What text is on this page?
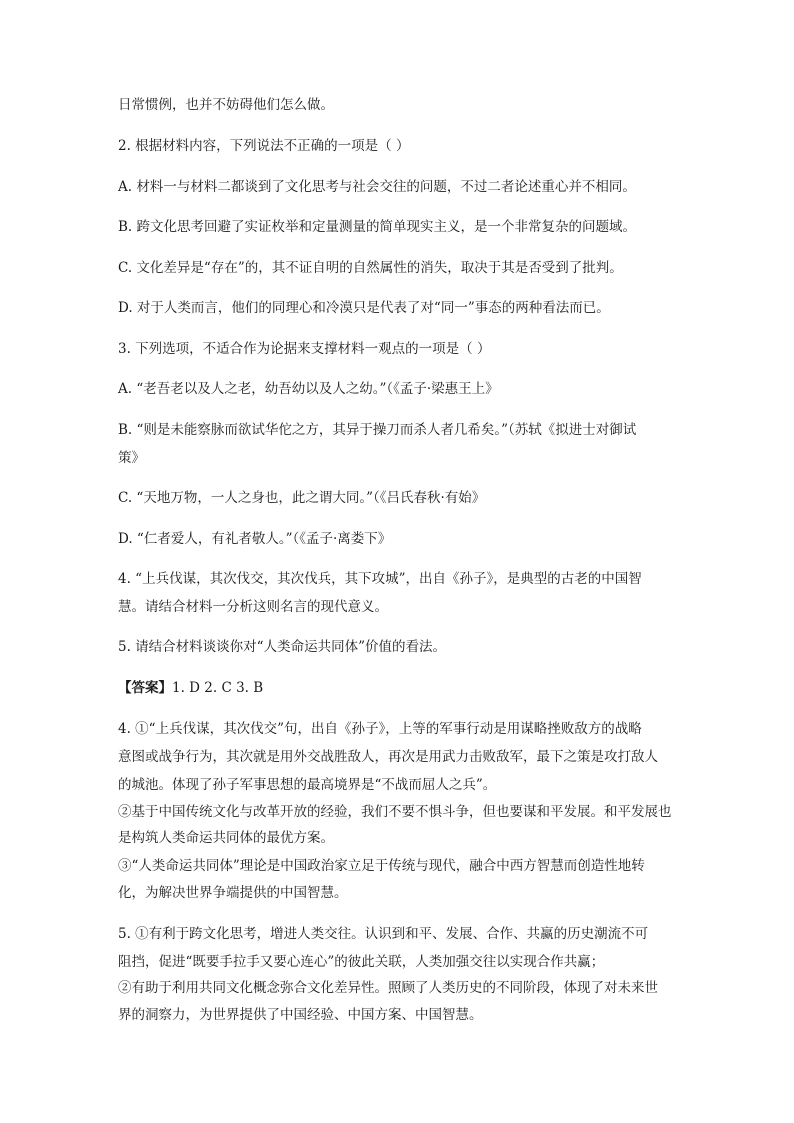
日常惯例，也并不妨碍他们怎么做。
2. 根据材料内容，下列说法不正确的一项是（ ）
A. 材料一与材料二都谈到了文化思考与社会交往的问题，不过二者论述重心并不相同。
B. 跨文化思考回避了实证枚举和定量测量的简单现实主义，是一个非常复杂的问题域。
C. 文化差异是“存在”的，其不证自明的自然属性的消失，取决于其是否受到了批判。
D. 对于人类而言，他们的同理心和冷漠只是代表了对“同一”事态的两种看法而已。
3. 下列选项，不适合作为论据来支撑材料一观点的一项是（ ）
A. “老吾老以及人之老，幼吾幼以及人之幼。”（《孟子·梁惠王上》
B. “则是未能察脉而欲试华佗之方，其异于操刀而杀人者几希矣。”（苏轼《拟进士对御试
策》
C. “天地万物，一人之身也，此之谓大同。”（《吕氏春秋·有始》
D. “仁者爱人，有礼者敬人。”（《孟子·离娄下》
4. “上兵伐谋，其次伐交，其次伐兵，其下攻城”，出自《孙子》，是典型的古老的中国智
慧。请结合材料一分析这则名言的现代意义。
5. 请结合材料谈谈你对“人类命运共同体”价值的看法。
【答案】1. D 2. C 3. B
4. ①“上兵伐谋，其次伐交”句，出自《孙子》，上等的军事行动是用谋略挫败敌方的战略
意图或战争行为，其次就是用外交战胜敌人，再次是用武力击败敌军，最下之策是攻打敌人
的城池。体现了孙子军事思想的最高境界是“不战而屈人之兵”。
②基于中国传统文化与改革开放的经验，我们不要不惧斗争，但也要谋和平发展。和平发展也
是构筑人类命运共同体的最优方案。
③“人类命运共同体”理论是中国政治家立足于传统与现代，融合中西方智慧而创造性地转
化，为解决世界争端提供的中国智慧。
5. ①有利于跨文化思考，增进人类交往。认识到和平、发展、合作、共赢的历史潮流不可
阻挡，促进“既要手拉手又要心连心”的彼此关联，人类加强交往以实现合作共赢；
②有助于利用共同文化概念弥合文化差异性。照顾了人类历史的不同阶段，体现了对未来世
界的洞察力，为世界提供了中国经验、中国方案、中国智慧。
